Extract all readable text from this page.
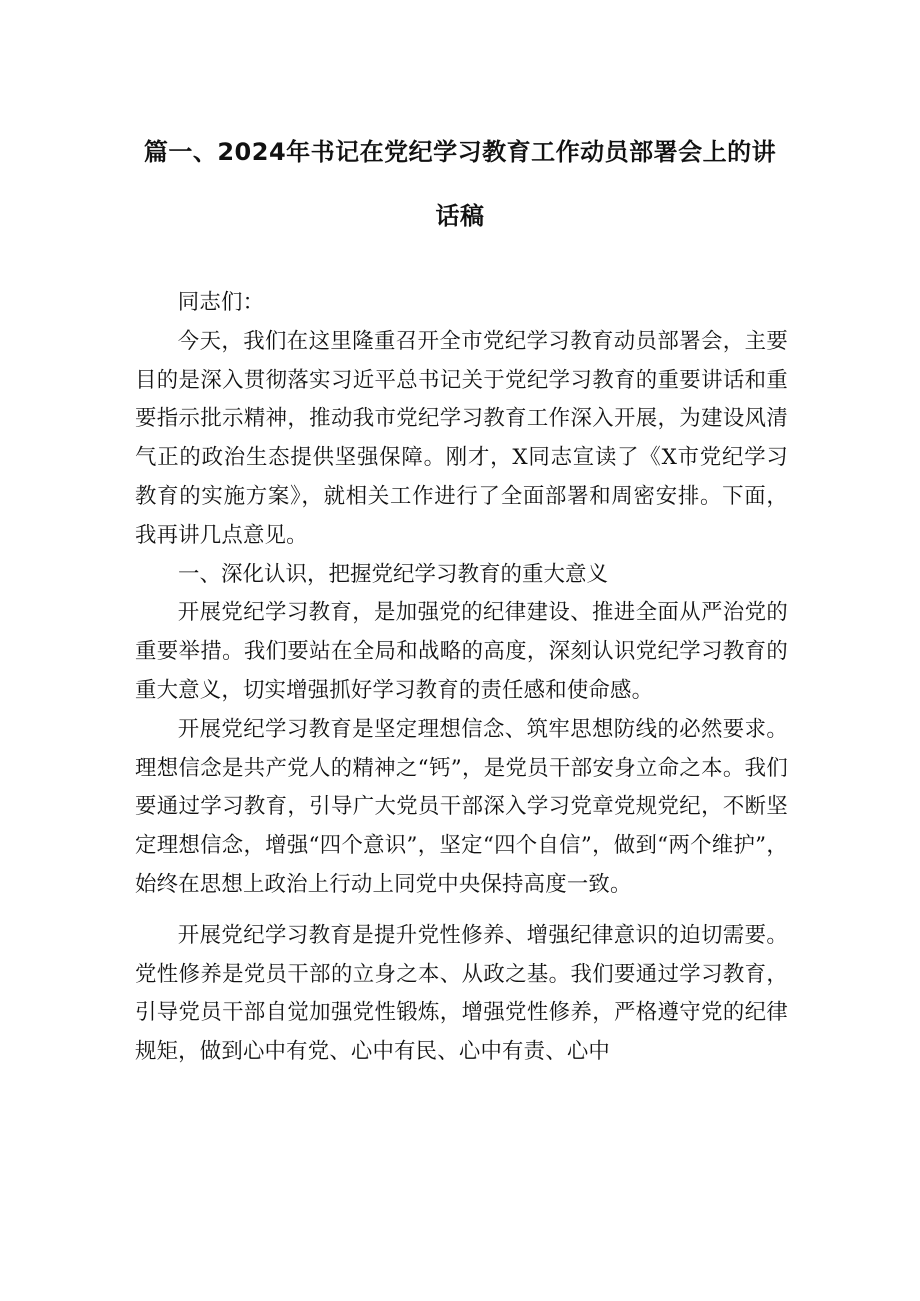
篇一、2024年书记在党纪学习教育工作动员部署会上的讲
话稿

同志们：

今天，我们在这里隆重召开全市党纪学习教育动员部署会，主要目的是深入贯彻落实习近平总书记关于党纪学习教育的重要讲话和重要指示批示精神，推动我市党纪学习教育工作深入开展，为建设风清气正的政治生态提供坚强保障。刚才，X同志宣读了《X市党纪学习教育的实施方案》，就相关工作进行了全面部署和周密安排。下面，我再讲几点意见。

一、深化认识，把握党纪学习教育的重大意义

开展党纪学习教育，是加强党的纪律建设、推进全面从严治党的重要举措。我们要站在全局和战略的高度，深刻认识党纪学习教育的重大意义，切实增强抓好学习教育的责任感和使命感。

开展党纪学习教育是坚定理想信念、筑牢思想防线的必然要求。理想信念是共产党人的精神之“钙”，是党员干部安身立命之本。我们要通过学习教育，引导广大党员干部深入学习党章党规党纪，不断坚定理想信念，增强“四个意识”，坚定“四个自信”，做到“两个维护”，始终在思想上政治上行动上同党中央保持高度一致。

开展党纪学习教育是提升党性修养、增强纪律意识的迫切需要。党性修养是党员干部的立身之本、从政之基。我们要通过学习教育，引导党员干部自觉加强党性锻炼，增强党性修养，严格遵守党的纪律规矩，做到心中有党、心中有民、心中有责、心中
